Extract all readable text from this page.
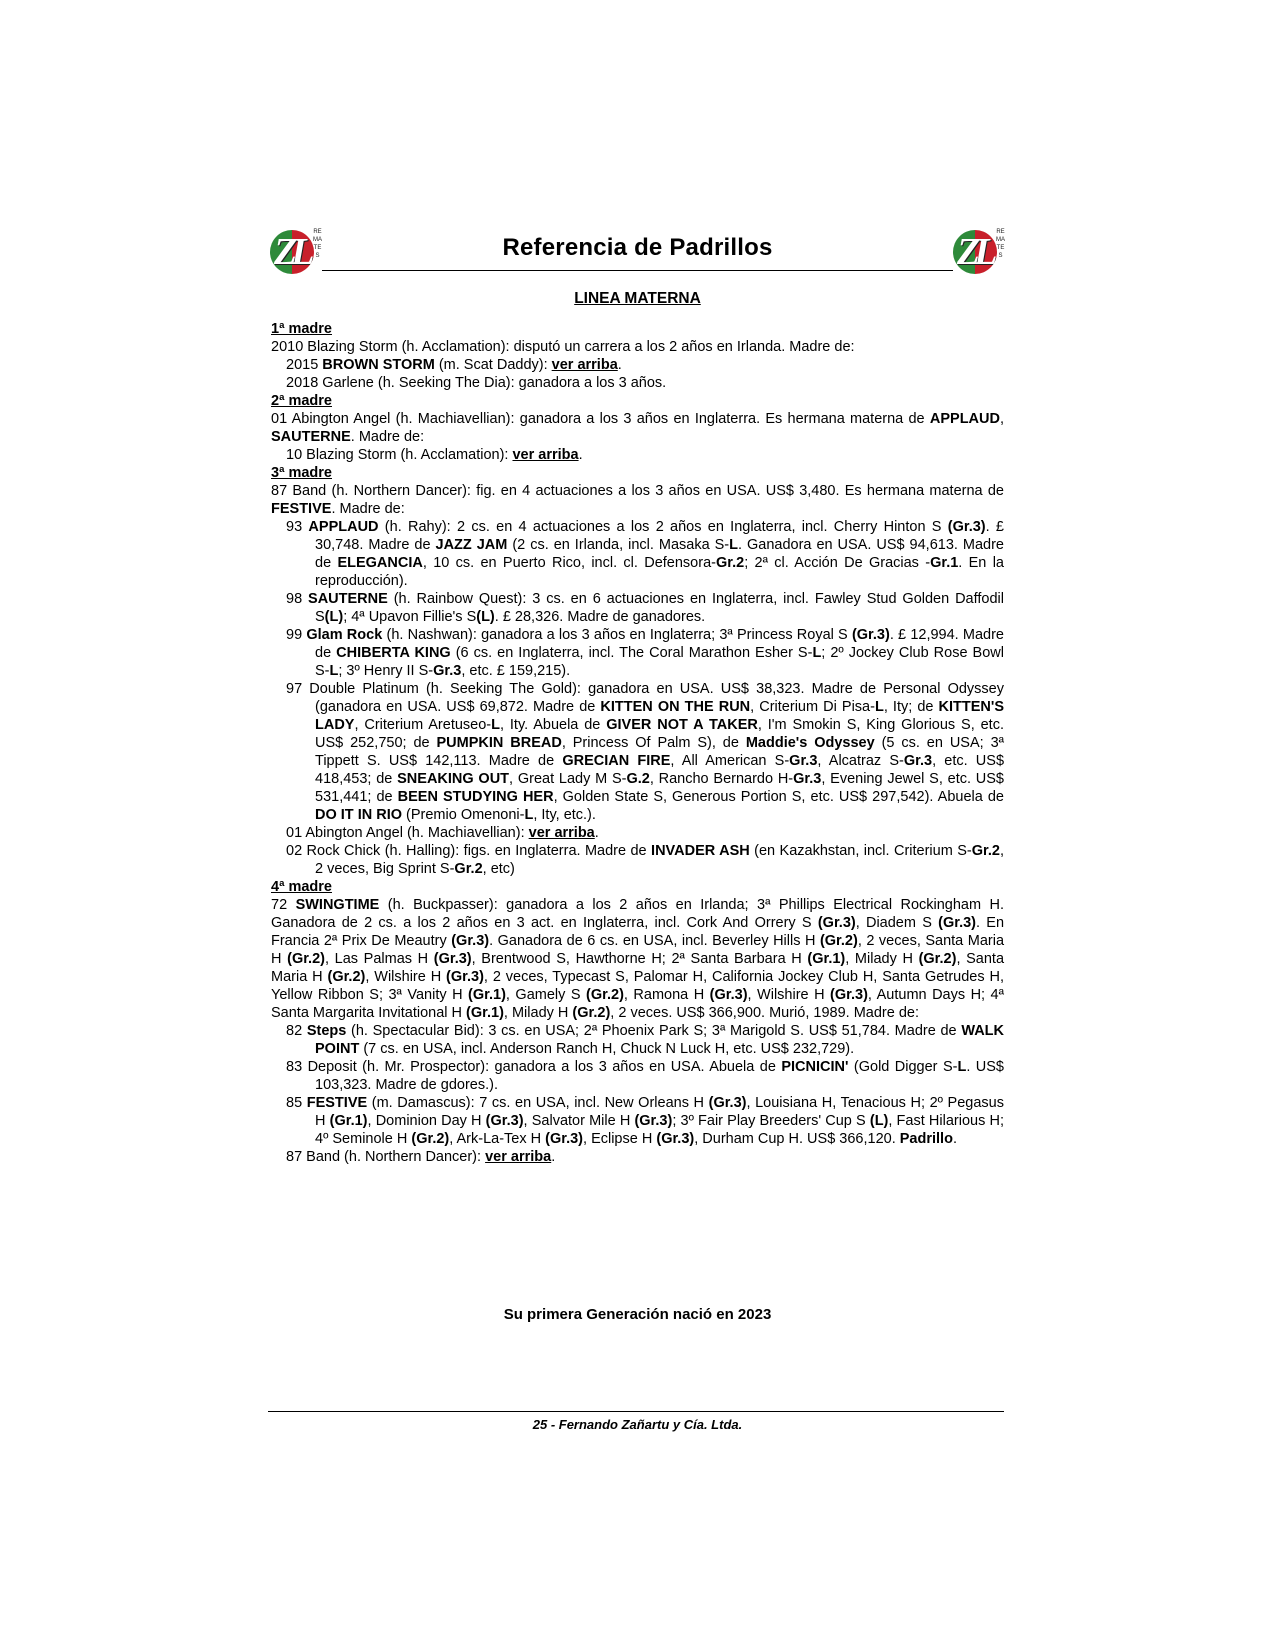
ZL REMATES	Referencia de Padrillos	ZL REMATES
LINEA MATERNA
1ª madre

2010 Blazing Storm (h. Acclamation): disputó un carrera a los 2 años en Irlanda. Madre de:

2015 BROWN STORM (m. Scat Daddy): ver arriba.

2018 Garlene (h. Seeking The Dia): ganadora a los 3 años.

2ª madre

01 Abington Angel (h. Machiavellian): ganadora a los 3 años en Inglaterra. Es hermana materna de APPLAUD, SAUTERNE. Madre de:

10 Blazing Storm (h. Acclamation): ver arriba.

3ª madre

87 Band (h. Northern Dancer): fig. en 4 actuaciones a los 3 años en USA. US$ 3,480. Es hermana materna de FESTIVE. Madre de:

93 APPLAUD (h. Rahy): 2 cs. en 4 actuaciones a los 2 años en Inglaterra, incl. Cherry Hinton S (Gr.3). £ 30,748. Madre de JAZZ JAM (2 cs. en Irlanda, incl. Masaka S-L. Ganadora en USA. US$ 94,613. Madre de ELEGANCIA, 10 cs. en Puerto Rico, incl. cl. Defensora-Gr.2; 2ª cl. Acción De Gracias -Gr.1. En la reproducción).

98 SAUTERNE (h. Rainbow Quest): 3 cs. en 6 actuaciones en Inglaterra, incl. Fawley Stud Golden Daffodil S(L); 4ª Upavon Fillie's S(L). £ 28,326. Madre de ganadores.

99 Glam Rock (h. Nashwan): ganadora a los 3 años en Inglaterra; 3ª Princess Royal S (Gr.3). £ 12,994. Madre de CHIBERTA KING (6 cs. en Inglaterra, incl. The Coral Marathon Esher S-L; 2º Jockey Club Rose Bowl S-L; 3º Henry II S-Gr.3, etc. £ 159,215).

97 Double Platinum (h. Seeking The Gold): ganadora en USA. US$ 38,323. Madre de Personal Odyssey (ganadora en USA. US$ 69,872. Madre de KITTEN ON THE RUN, Criterium Di Pisa-L, Ity; de KITTEN'S LADY, Criterium Aretuseo-L, Ity. Abuela de GIVER NOT A TAKER, I'm Smokin S, King Glorious S, etc. US$ 252,750; de PUMPKIN BREAD, Princess Of Palm S), de Maddie's Odyssey (5 cs. en USA; 3ª Tippett S. US$ 142,113. Madre de GRECIAN FIRE, All American S-Gr.3, Alcatraz S-Gr.3, etc. US$ 418,453; de SNEAKING OUT, Great Lady M S-G.2, Rancho Bernardo H-Gr.3, Evening Jewel S, etc. US$ 531,441; de BEEN STUDYING HER, Golden State S, Generous Portion S, etc. US$ 297,542). Abuela de DO IT IN RIO (Premio Omenoni-L, Ity, etc.).

01 Abington Angel (h. Machiavellian): ver arriba.

02 Rock Chick (h. Halling): figs. en Inglaterra. Madre de INVADER ASH (en Kazakhstan, incl. Criterium S-Gr.2, 2 veces, Big Sprint S-Gr.2, etc)

4ª madre

72 SWINGTIME (h. Buckpasser): ganadora a los 2 años en Irlanda; 3ª Phillips Electrical Rockingham H. Ganadora de 2 cs. a los 2 años en 3 act. en Inglaterra, incl. Cork And Orrery S (Gr.3), Diadem S (Gr.3). En Francia 2ª Prix De Meautry (Gr.3). Ganadora de 6 cs. en USA, incl. Beverley Hills H (Gr.2), 2 veces, Santa Maria H (Gr.2), Las Palmas H (Gr.3), Brentwood S, Hawthorne H; 2ª Santa Barbara H (Gr.1), Milady H (Gr.2), Santa Maria H (Gr.2), Wilshire H (Gr.3), 2 veces, Typecast S, Palomar H, California Jockey Club H, Santa Getrudes H, Yellow Ribbon S; 3ª Vanity H (Gr.1), Gamely S (Gr.2), Ramona H (Gr.3), Wilshire H (Gr.3), Autumn Days H; 4ª Santa Margarita Invitational H (Gr.1), Milady H (Gr.2), 2 veces. US$ 366,900. Murió, 1989. Madre de:

82 Steps (h. Spectacular Bid): 3 cs. en USA; 2ª Phoenix Park S; 3ª Marigold S. US$ 51,784. Madre de WALK POINT (7 cs. en USA, incl. Anderson Ranch H, Chuck N Luck H, etc. US$ 232,729).

83 Deposit (h. Mr. Prospector): ganadora a los 3 años en USA. Abuela de PICNICIN' (Gold Digger S-L. US$ 103,323. Madre de gdores.).

85 FESTIVE (m. Damascus): 7 cs. en USA, incl. New Orleans H (Gr.3), Louisiana H, Tenacious H; 2º Pegasus H (Gr.1), Dominion Day H (Gr.3), Salvator Mile H (Gr.3); 3º Fair Play Breeders' Cup S (L), Fast Hilarious H; 4º Seminole H (Gr.2), Ark-La-Tex H (Gr.3), Eclipse H (Gr.3), Durham Cup H. US$ 366,120. Padrillo.

87 Band (h. Northern Dancer): ver arriba.

Su primera Generación nació en 2023
25 - Fernando Zañartu y Cía. Ltda.
